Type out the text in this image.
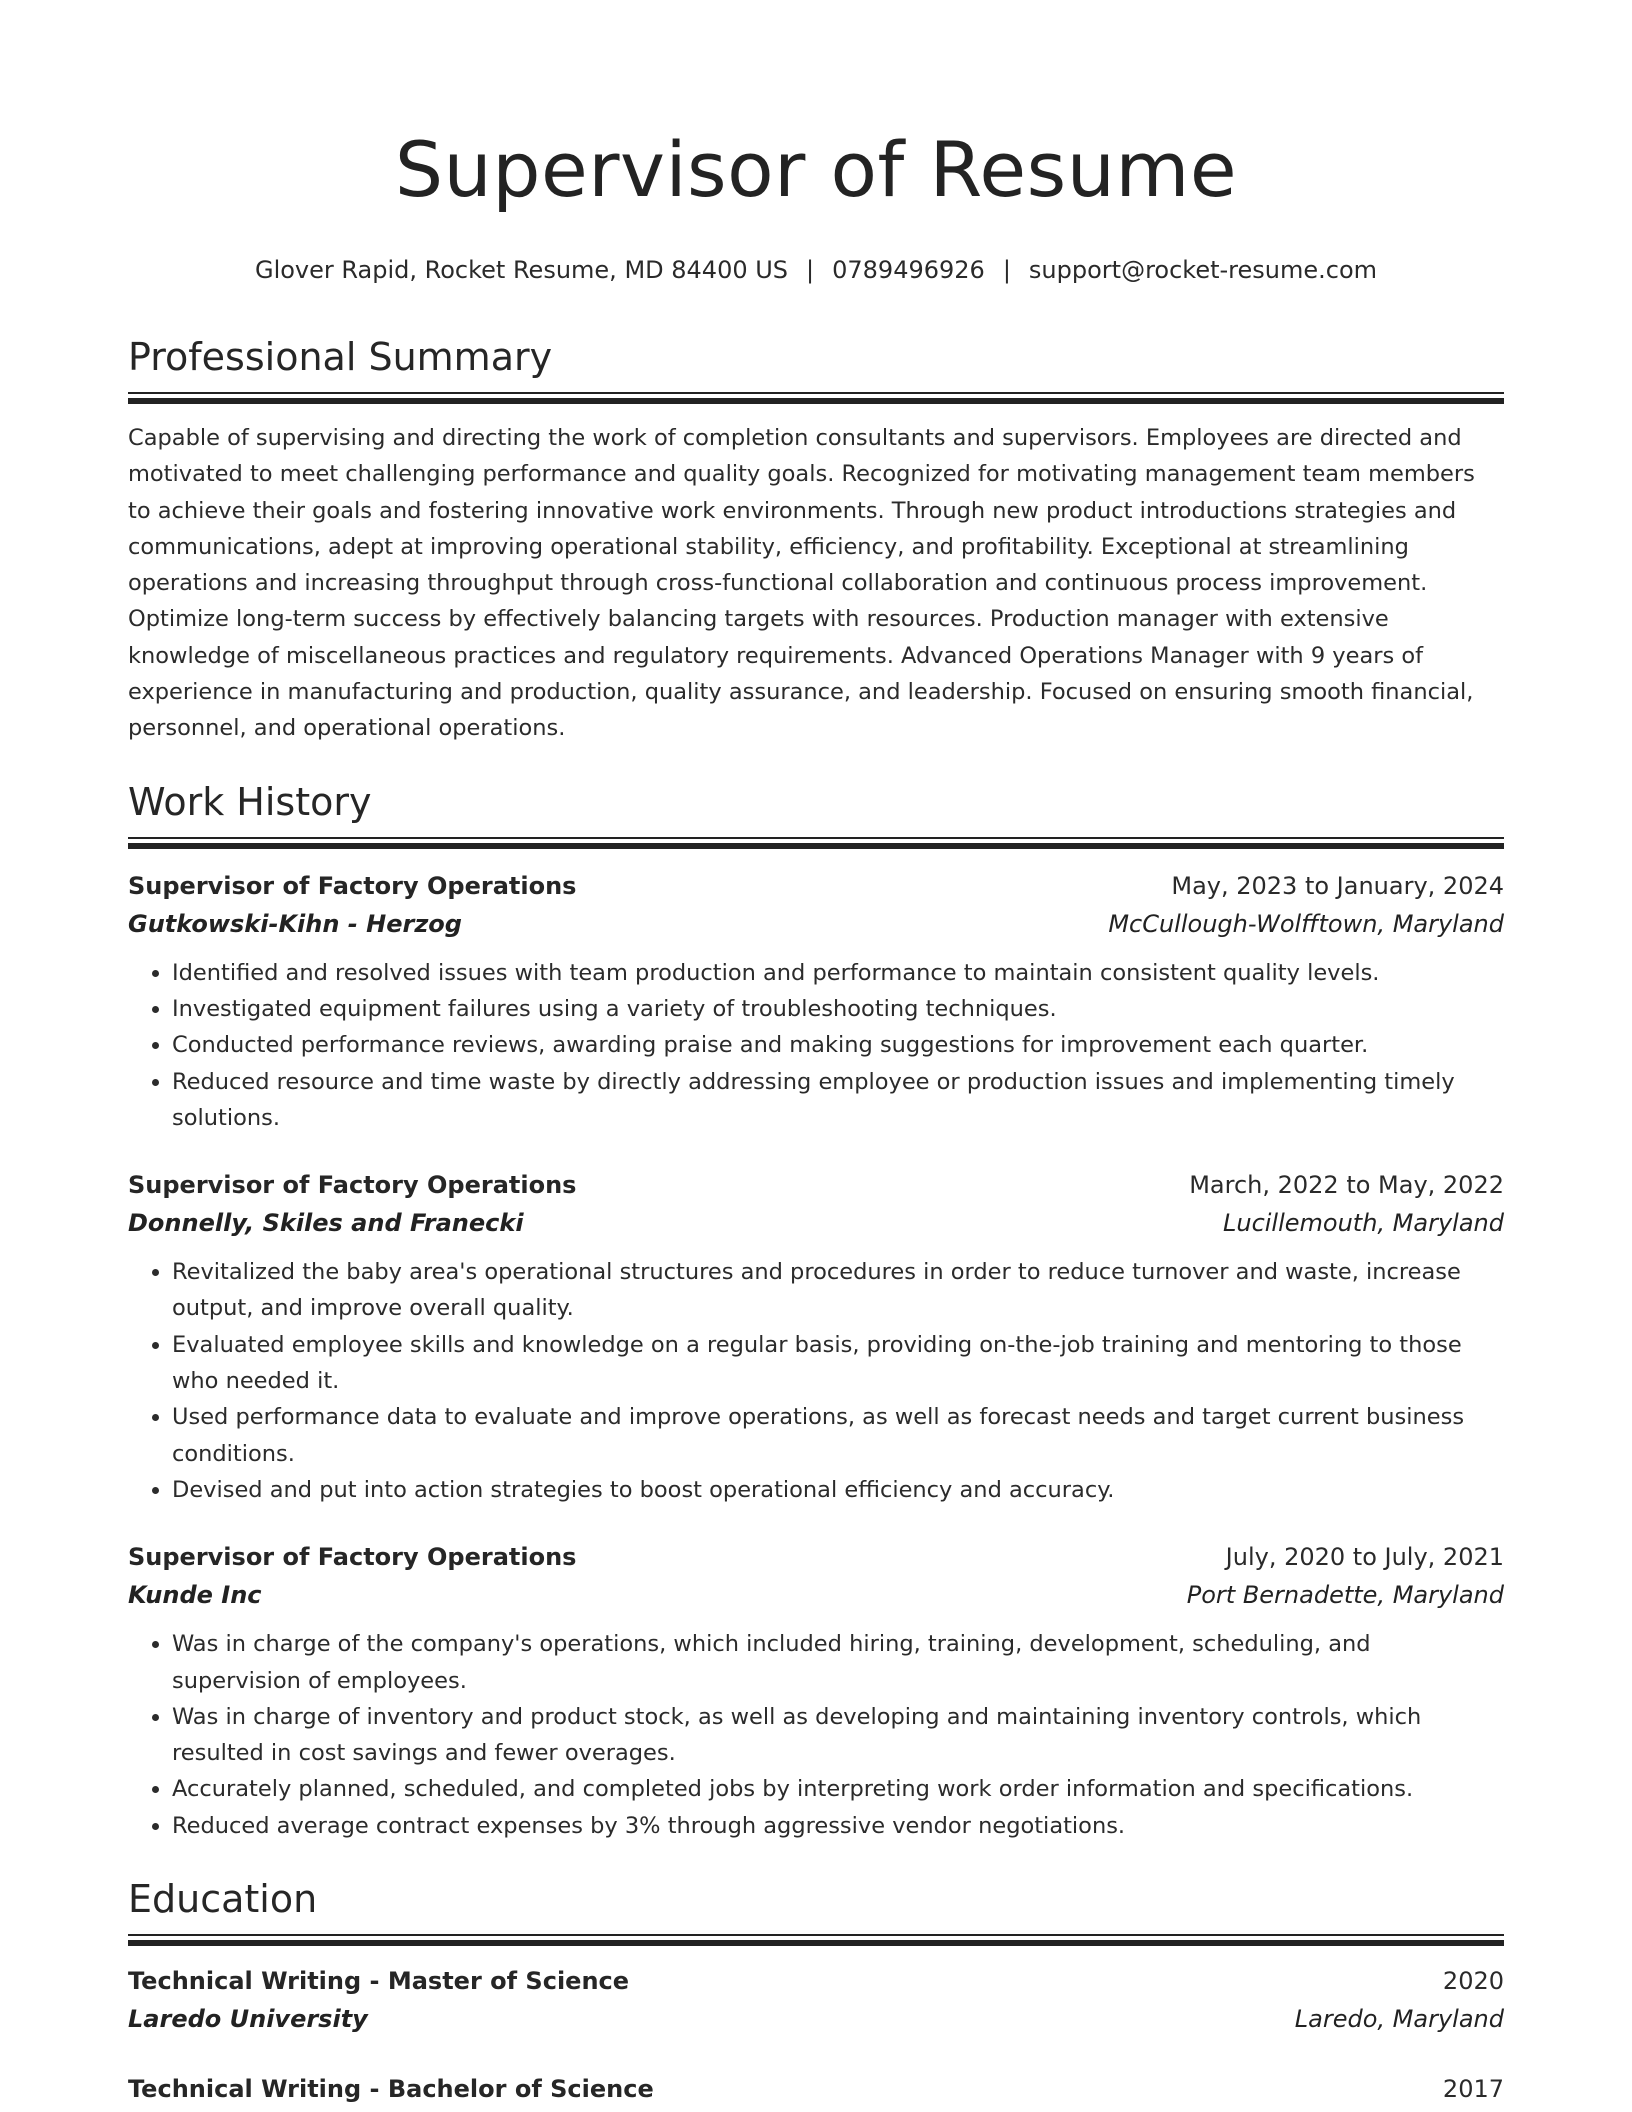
Supervisor of Resume
Glover Rapid, Rocket Resume, MD 84400 US | 0789496926 | support@rocket-resume.com
Professional Summary

Capable of supervising and directing the work of completion consultants and supervisors. Employees are directed and motivated to meet challenging performance and quality goals. Recognized for motivating management team members to achieve their goals and fostering innovative work environments. Through new product introductions strategies and communications, adept at improving operational stability, efficiency, and profitability. Exceptional at streamlining operations and increasing throughput through cross-functional collaboration and continuous process improvement. Optimize long-term success by effectively balancing targets with resources. Production manager with extensive knowledge of miscellaneous practices and regulatory requirements. Advanced Operations Manager with 9 years of experience in manufacturing and production, quality assurance, and leadership. Focused on ensuring smooth financial, personnel, and operational operations.

Work History
Supervisor of Factory Operations	May, 2023 to January, 2024
Gutkowski-Kihn - Herzog	McCullough-Wolfftown, Maryland
• Identified and resolved issues with team production and performance to maintain consistent quality levels.
• Investigated equipment failures using a variety of troubleshooting techniques.
• Conducted performance reviews, awarding praise and making suggestions for improvement each quarter.
• Reduced resource and time waste by directly addressing employee or production issues and implementing timely solutions.
Supervisor of Factory Operations	March, 2022 to May, 2022
Donnelly, Skiles and Franecki	Lucillemouth, Maryland
• Revitalized the baby area's operational structures and procedures in order to reduce turnover and waste, increase output, and improve overall quality.
• Evaluated employee skills and knowledge on a regular basis, providing on-the-job training and mentoring to those who needed it.
• Used performance data to evaluate and improve operations, as well as forecast needs and target current business conditions.
• Devised and put into action strategies to boost operational efficiency and accuracy.
Supervisor of Factory Operations	July, 2020 to July, 2021
Kunde Inc	Port Bernadette, Maryland
• Was in charge of the company's operations, which included hiring, training, development, scheduling, and supervision of employees.
• Was in charge of inventory and product stock, as well as developing and maintaining inventory controls, which resulted in cost savings and fewer overages.
• Accurately planned, scheduled, and completed jobs by interpreting work order information and specifications.
• Reduced average contract expenses by 3% through aggressive vendor negotiations.
Education
Technical Writing - Master of Science	2020
Laredo University	Laredo, Maryland
Technical Writing - Bachelor of Science	2017
